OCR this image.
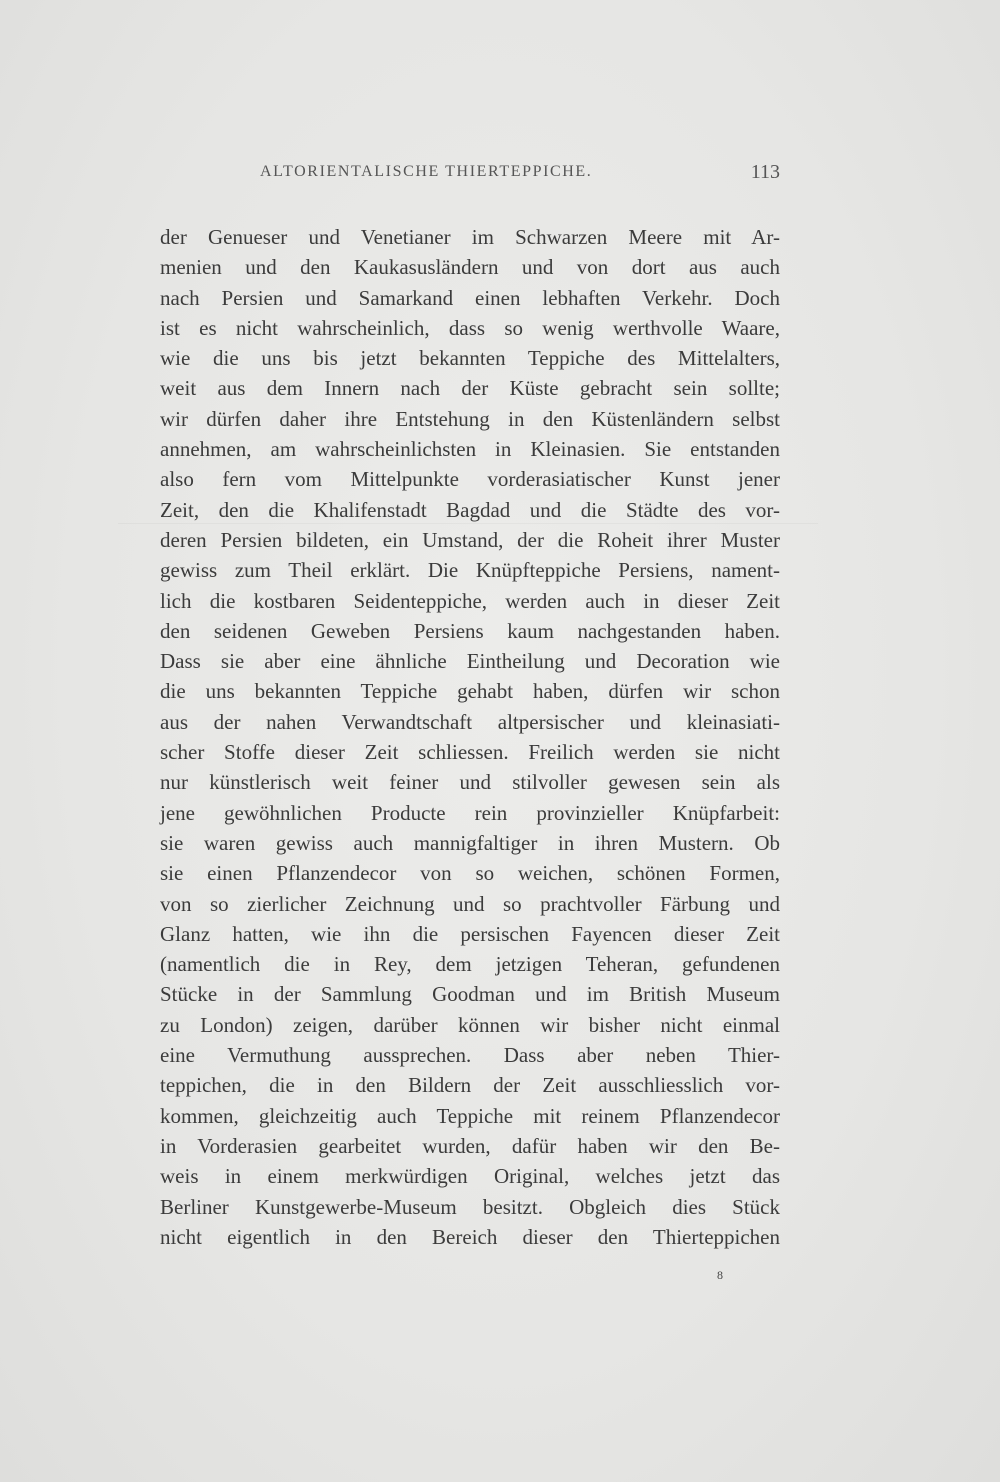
ALTORIENTALISCHE THIERTEPPICHE.	113
der Genueser und Venetianer im Schwarzen Meere mit Ar-
menien und den Kaukasusländern und von dort aus auch
nach Persien und Samarkand einen lebhaften Verkehr. Doch
ist es nicht wahrscheinlich, dass so wenig werthvolle Waare,
wie die uns bis jetzt bekannten Teppiche des Mittelalters,
weit aus dem Innern nach der Küste gebracht sein sollte;
wir dürfen daher ihre Entstehung in den Küstenländern selbst
annehmen, am wahrscheinlichsten in Kleinasien. Sie entstanden
also fern vom Mittelpunkte vorderasiatischer Kunst jener
Zeit, den die Khalifenstadt Bagdad und die Städte des vor-
deren Persien bildeten, ein Umstand, der die Roheit ihrer Muster
gewiss zum Theil erklärt. Die Knüpfteppiche Persiens, nament-
lich die kostbaren Seidenteppiche, werden auch in dieser Zeit
den seidenen Geweben Persiens kaum nachgestanden haben.
Dass sie aber eine ähnliche Eintheilung und Decoration wie
die uns bekannten Teppiche gehabt haben, dürfen wir schon
aus der nahen Verwandtschaft altpersischer und kleinasiati-
scher Stoffe dieser Zeit schliessen. Freilich werden sie nicht
nur künstlerisch weit feiner und stilvoller gewesen sein als
jene gewöhnlichen Producte rein provinzieller Knüpfarbeit:
sie waren gewiss auch mannigfaltiger in ihren Mustern. Ob
sie einen Pflanzendecor von so weichen, schönen Formen,
von so zierlicher Zeichnung und so prachtvoller Färbung und
Glanz hatten, wie ihn die persischen Fayencen dieser Zeit
(namentlich die in Rey, dem jetzigen Teheran, gefundenen
Stücke in der Sammlung Goodman und im British Museum
zu London) zeigen, darüber können wir bisher nicht einmal
eine Vermuthung aussprechen. Dass aber neben Thier-
teppichen, die in den Bildern der Zeit ausschliesslich vor-
kommen, gleichzeitig auch Teppiche mit reinem Pflanzendecor
in Vorderasien gearbeitet wurden, dafür haben wir den Be-
weis in einem merkwürdigen Original, welches jetzt das
Berliner Kunstgewerbe-Museum besitzt. Obgleich dies Stück
nicht eigentlich in den Bereich dieser den Thierteppichen
8
